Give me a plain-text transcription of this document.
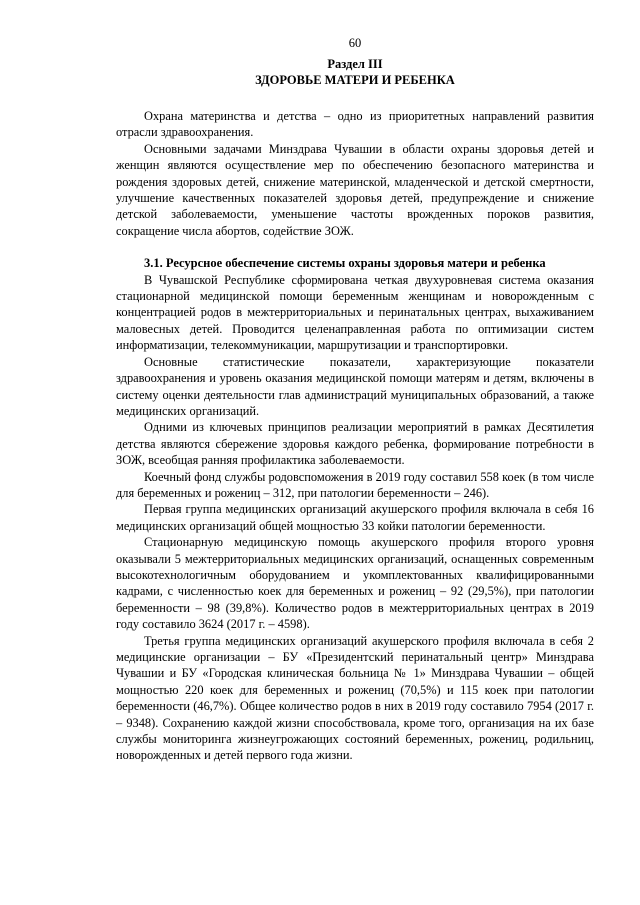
60
Раздел III
ЗДОРОВЬЕ МАТЕРИ И РЕБЕНКА

Охрана материнства и детства – одно из приоритетных направлений развития отрасли здравоохранения.

Основными задачами Минздрава Чувашии в области охраны здоровья детей и женщин являются осуществление мер по обеспечению безопасного материнства и рождения здоровых детей, снижение материнской, младенческой и детской смертности, улучшение качественных показателей здоровья детей, предупреждение и снижение детской заболеваемости, уменьшение частоты врожденных пороков развития, сокращение числа абортов, содействие ЗОЖ.

3.1. Ресурсное обеспечение системы охраны здоровья матери и ребенка

В Чувашской Республике сформирована четкая двухуровневая система оказания стационарной медицинской помощи беременным женщинам и новорожденным с концентрацией родов в межтерриториальных и перинатальных центрах, выхаживанием маловесных детей. Проводится целенаправленная работа по оптимизации систем информатизации, телекоммуникации, маршрутизации и транспортировки.

Основные статистические показатели, характеризующие показатели здравоохранения и уровень оказания медицинской помощи матерям и детям, включены в систему оценки деятельности глав администраций муниципальных образований, а также медицинских организаций.

Одними из ключевых принципов реализации мероприятий в рамках Десятилетия детства являются сбережение здоровья каждого ребенка, формирование потребности в ЗОЖ, всеобщая ранняя профилактика заболеваемости.

Коечный фонд службы родовспоможения в 2019 году составил 558 коек (в том числе для беременных и рожениц – 312, при патологии беременности – 246).

Первая группа медицинских организаций акушерского профиля включала в себя 16 медицинских организаций общей мощностью 33 койки патологии беременности.

Стационарную медицинскую помощь акушерского профиля второго уровня оказывали 5 межтерриториальных медицинских организаций, оснащенных современным высокотехнологичным оборудованием и укомплектованных квалифицированными кадрами, с численностью коек для беременных и рожениц – 92 (29,5%), при патологии беременности – 98 (39,8%). Количество родов в межтерриториальных центрах в 2019 году составило 3624 (2017 г. – 4598).

Третья группа медицинских организаций акушерского профиля включала в себя 2 медицинские организации – БУ «Президентский перинатальный центр» Минздрава Чувашии и БУ «Городская клиническая больница № 1» Минздрава Чувашии – общей мощностью 220 коек для беременных и рожениц (70,5%) и 115 коек при патологии беременности (46,7%). Общее количество родов в них в 2019 году составило 7954 (2017 г. – 9348). Сохранению каждой жизни способствовала, кроме того, организация на их базе службы мониторинга жизнеугрожающих состояний беременных, рожениц, родильниц, новорожденных и детей первого года жизни.
